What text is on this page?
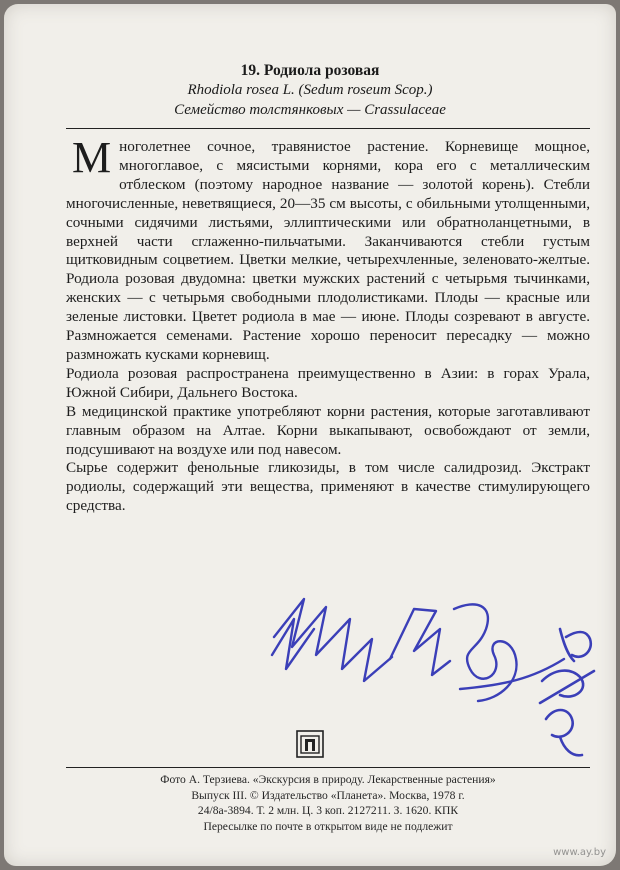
19. Родиола розовая
Rhodiola rosea L. (Sedum roseum Scop.)
Семейство толстянковых — Crassulaceae

Многолетнее сочное, травянистое растение. Корневище мощное, многоглавое, с мясистыми корнями, кора его с металлическим отблеском (поэтому народное название — золотой корень). Стебли многочисленные, неветвящиеся, 20—35 см высоты, с обильными утолщенными, сочными сидячими листьями, эллиптическими или обратноланцетными, в верхней части сглаженно-пильчатыми. Заканчиваются стебли густым щитковидным соцветием. Цветки мелкие, четырехчленные, зеленовато-желтые. Родиола розовая двудомна: цветки мужских растений с четырьмя тычинками, женских — с четырьмя свободными плодолистиками. Плоды — красные или зеленые листовки. Цветет родиола в мае — июне. Плоды созревают в августе. Размножается семенами. Растение хорошо переносит пересадку — можно размножать кусками корневищ.

Родиола розовая распространена преимущественно в Азии: в горах Урала, Южной Сибири, Дальнего Востока.

В медицинской практике употребляют корни растения, которые заготавливают главным образом на Алтае. Корни выкапывают, освобождают от земли, подсушивают на воздухе или под навесом.

Сырье содержит фенольные гликозиды, в том числе салидрозид. Экстракт родиолы, содержащий эти вещества, применяют в качестве стимулирующего средства.

84/02/6
Фото А. Терзиева. «Экскурсия в природу. Лекарственные растения»
Выпуск III. © Издательство «Планета». Москва, 1978 г.
24/8а-3894. Т. 2 млн. Ц. 3 коп. 2127211. З. 1620. КПК
Пересылке по почте в открытом виде не подлежит
www.ay.by
